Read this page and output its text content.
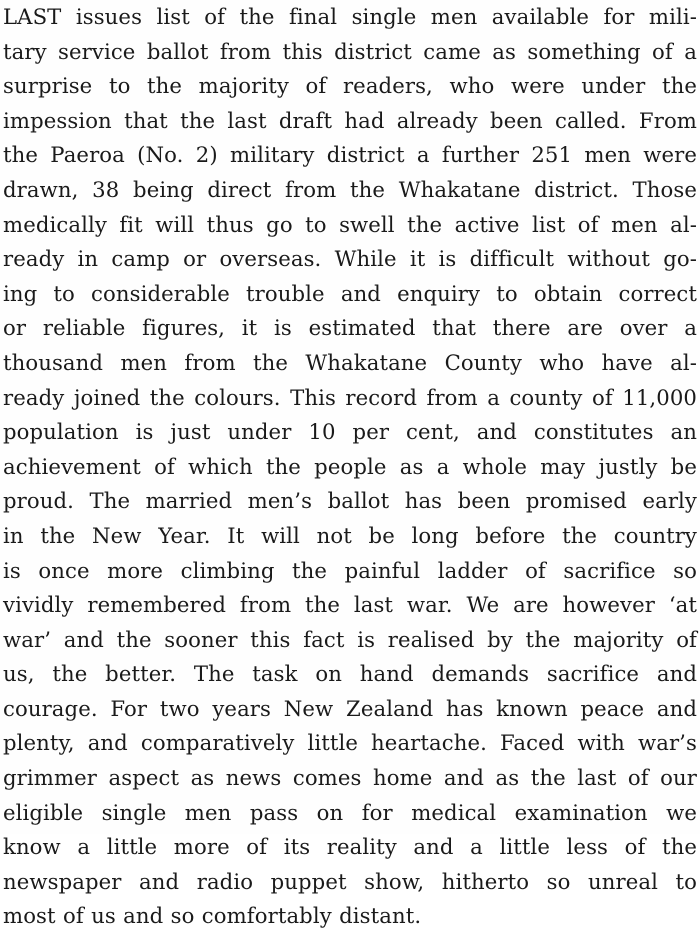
LAST issues list of the final single men available for mili-
tary service ballot from this district came as something of a
surprise to the majority of readers, who were under the
impession that the last draft had already been called. From
the Paeroa (No. 2) military district a further 251 men were
drawn, 38 being direct from the Whakatane district. Those
medically fit will thus go to swell the active list of men al-
ready in camp or overseas. While it is difficult without go-
ing to considerable trouble and enquiry to obtain correct
or reliable figures, it is estimated that there are over a
thousand men from the Whakatane County who have al-
ready joined the colours. This record from a county of 11,000
population is just under 10 per cent, and constitutes an
achievement of which the people as a whole may justly be
proud. The married men’s ballot has been promised early
in the New Year. It will not be long before the country
is once more climbing the painful ladder of sacrifice so
vividly remembered from the last war. We are however ‘at
war’ and the sooner this fact is realised by the majority of
us, the better. The task on hand demands sacrifice and
courage. For two years New Zealand has known peace and
plenty, and comparatively little heartache. Faced with war’s
grimmer aspect as news comes home and as the last of our
eligible single men pass on for medical examination we
know a little more of its reality and a little less of the
newspaper and radio puppet show, hitherto so unreal to
most of us and so comfortably distant.
